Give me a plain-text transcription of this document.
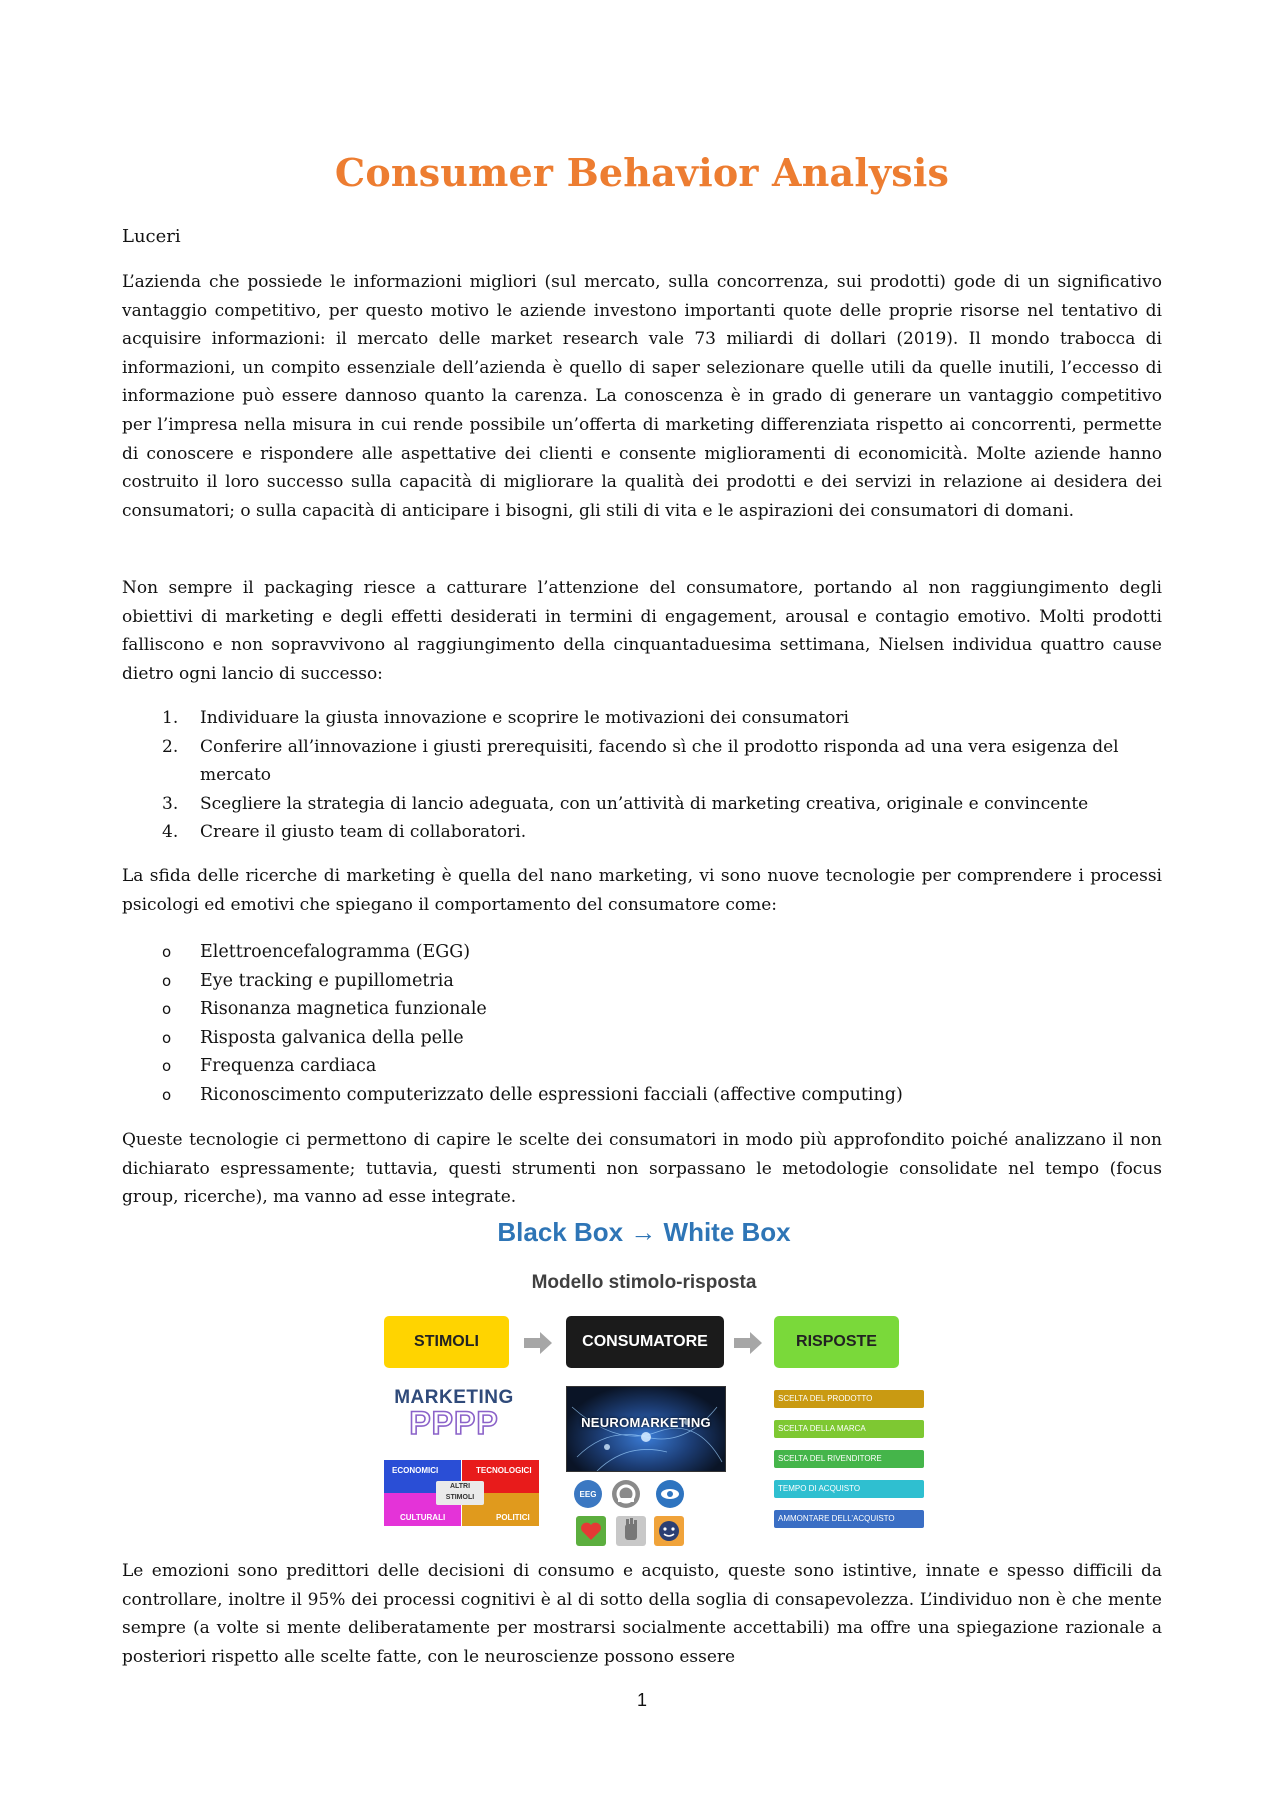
Consumer Behavior Analysis

Luceri

L’azienda che possiede le informazioni migliori (sul mercato, sulla concorrenza, sui prodotti) gode di un significativo vantaggio competitivo, per questo motivo le aziende investono importanti quote delle proprie risorse nel tentativo di acquisire informazioni: il mercato delle market research vale 73 miliardi di dollari (2019). Il mondo trabocca di informazioni, un compito essenziale dell’azienda è quello di saper selezionare quelle utili da quelle inutili, l’eccesso di informazione può essere dannoso quanto la carenza. La conoscenza è in grado di generare un vantaggio competitivo per l’impresa nella misura in cui rende possibile un’offerta di marketing differenziata rispetto ai concorrenti, permette di conoscere e rispondere alle aspettative dei clienti e consente miglioramenti di economicità. Molte aziende hanno costruito il loro successo sulla capacità di migliorare la qualità dei prodotti e dei servizi in relazione ai desidera dei consumatori; o sulla capacità di anticipare i bisogni, gli stili di vita e le aspirazioni dei consumatori di domani.

Non sempre il packaging riesce a catturare l’attenzione del consumatore, portando al non raggiungimento degli obiettivi di marketing e degli effetti desiderati in termini di engagement, arousal e contagio emotivo. Molti prodotti falliscono e non sopravvivono al raggiungimento della cinquantaduesima settimana, Nielsen individua quattro cause dietro ogni lancio di successo:

1. Individuare la giusta innovazione e scoprire le motivazioni dei consumatori
2. Conferire all’innovazione i giusti prerequisiti, facendo sì che il prodotto risponda ad una vera esigenza del mercato
3. Scegliere la strategia di lancio adeguata, con un’attività di marketing creativa, originale e convincente
4. Creare il giusto team di collaboratori.

La sfida delle ricerche di marketing è quella del nano marketing, vi sono nuove tecnologie per comprendere i processi psicologi ed emotivi che spiegano il comportamento del consumatore come:

o Elettroencefalogramma (EGG)
o Eye tracking e pupillometria
o Risonanza magnetica funzionale
o Risposta galvanica della pelle
o Frequenza cardiaca
o Riconoscimento computerizzato delle espressioni facciali (affective computing)

Queste tecnologie ci permettono di capire le scelte dei consumatori in modo più approfondito poiché analizzano il non dichiarato espressamente; tuttavia, questi strumenti non sorpassano le metodologie consolidate nel tempo (focus group, ricerche), ma vanno ad esse integrate.

Black Box → White Box

Modello stimolo-risposta

STIMOLI	CONSUMATORE	RISPOSTE
MARKETING
PPPP
ECONOMICI	TECNOLOGICI
CULTURALI	POLITICI
ALTRI STIMOLI
NEUROMARKETING
EEG
SCELTA DEL PRODOTTO
SCELTA DELLA MARCA
SCELTA DEL RIVENDITORE
TEMPO DI ACQUISTO
AMMONTARE DELL’ACQUISTO

Le emozioni sono predittori delle decisioni di consumo e acquisto, queste sono istintive, innate e spesso difficili da controllare, inoltre il 95% dei processi cognitivi è al di sotto della soglia di consapevolezza. L’individuo non è che mente sempre (a volte si mente deliberatamente per mostrarsi socialmente accettabili) ma offre una spiegazione razionale a posteriori rispetto alle scelte fatte, con le neuroscienze possono essere

1
